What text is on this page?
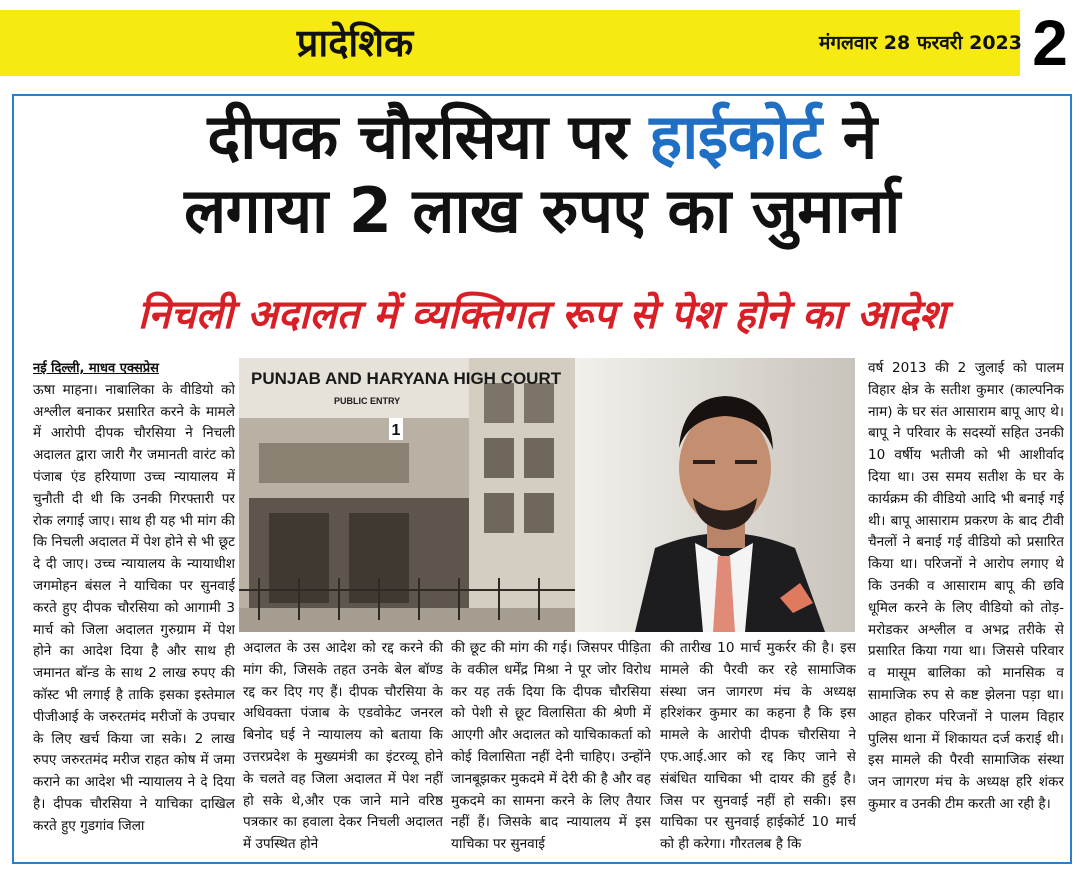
प्रादेशिक	मंगलवार 28 फरवरी 2023 2
दीपक चौरसिया पर हाईकोर्ट ने
लगाया 2 लाख रुपए का जुमार्ना
निचली अदालत में व्यक्तिगत रूप से पेश होने का आदेश

नई दिल्ली, माधव एक्सप्रेस

ऊषा माहना। नाबालिका के वीडियो को अश्लील बनाकर प्रसारित करने के मामले में आरोपी दीपक चौरसिया ने निचली अदालत द्वारा जारी गैर जमानती वारंट को पंजाब एंड हरियाणा उच्च न्यायालय में चुनौती दी थी कि उनकी गिरफ्तारी पर रोक लगाई जाए। साथ ही यह भी मांग की कि निचली अदालत में पेश होने से भी छूट दे दी जाए। उच्च न्यायालय के न्यायाधीश जगमोहन बंसल ने याचिका पर सुनवाई करते हुए दीपक चौरसिया को आगामी 3 मार्च को जिला अदालत गुरुग्राम में पेश होने का आदेश दिया है और साथ ही जमानत बॉन्ड के साथ 2 लाख रुपए की कॉस्ट भी लगाई है ताकि इसका इस्तेमाल पीजीआई के जरुरतमंद मरीजों के उपचार के लिए खर्च किया जा सके। 2 लाख रुपए जरुरतमंद मरीज राहत कोष में जमा कराने का आदेश भी न्यायालय ने दे दिया है। दीपक चौरसिया ने याचिका दाखिल करते हुए गुडगांव जिला

1
PUNJAB AND HARYANA HIGH COURT
PUBLIC ENTRY
अदालत के उस आदेश को रद्द करने की मांग की, जिसके तहत उनके बेल बॉण्ड रद्द कर दिए गए हैं। दीपक चौरसिया के अधिवक्ता पंजाब के एडवोकेट जनरल बिनोद घई ने न्यायालय को बताया कि उत्तरप्रदेश के मुख्यमंत्री का इंटरव्यू होने के चलते वह जिला अदालत में पेश नहीं हो सके थे,और एक जाने माने वरिष्ठ पत्रकार का हवाला देकर निचली अदालत में उपस्थित होने
की छूट की मांग की गई। जिसपर पीड़िता के वकील धर्मेंद्र मिश्रा ने पूर जोर विरोध कर यह तर्क दिया कि दीपक चौरसिया को पेशी से छूट विलासिता की श्रेणी में आएगी और अदालत को याचिकाकर्ता को कोई विलासिता नहीं देनी चाहिए। उन्होंने जानबूझकर मुकदमे में देरी की है और वह मुकदमे का सामना करने के लिए तैयार नहीं हैं। जिसके बाद न्यायालय में इस याचिका पर सुनवाई
की तारीख 10 मार्च मुकर्रर की है। इस मामले की पैरवी कर रहे सामाजिक संस्था जन जागरण मंच के अध्यक्ष हरिशंकर कुमार का कहना है कि इस मामले के आरोपी दीपक चौरसिया ने एफ.आई.आर को रद्द किए जाने से संबंधित याचिका भी दायर की हुई है। जिस पर सुनवाई नहीं हो सकी। इस याचिका पर सुनवाई हाईकोर्ट 10 मार्च को ही करेगा। गौरतलब है कि
वर्ष 2013 की 2 जुलाई को पालम विहार क्षेत्र के सतीश कुमार (काल्पनिक नाम) के घर संत आसाराम बापू आए थे। बापू ने परिवार के सदस्यों सहित उनकी 10 वर्षीय भतीजी को भी आशीर्वाद दिया था। उस समय सतीश के घर के कार्यक्रम की वीडियो आदि भी बनाई गई थी। बापू आसाराम प्रकरण के बाद टीवी चैनलों ने बनाई गई वीडियो को प्रसारित किया था। परिजनों ने आरोप लगाए थे कि उनकी व आसाराम बापू की छवि धूमिल करने के लिए वीडियो को तोड़-मरोडकर अश्लील व अभद्र तरीके से प्रसारित किया गया था। जिससे परिवार व मासूम बालिका को मानसिक व सामाजिक रुप से कष्ट झेलना पड़ा था। आहत होकर परिजनों ने पालम विहार पुलिस थाना में शिकायत दर्ज कराई थी। इस मामले की पैरवी सामाजिक संस्था जन जागरण मंच के अध्यक्ष हरि शंकर कुमार व उनकी टीम करती आ रही है।
